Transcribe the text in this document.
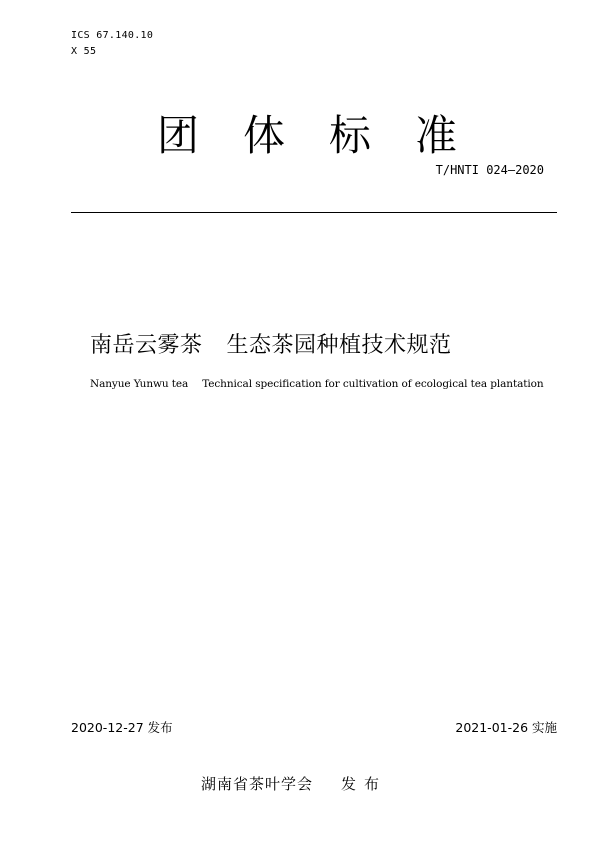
ICS 67.140.10
X 55
团体标准
T/HNTI 024—2020
南岳云雾茶 生态茶园种植技术规范
Nanyue Yunwu tea Technical specification for cultivation of ecological tea plantation
2020-12-27 发布	2021-01-26 实施
湖南省茶叶学会 发布
